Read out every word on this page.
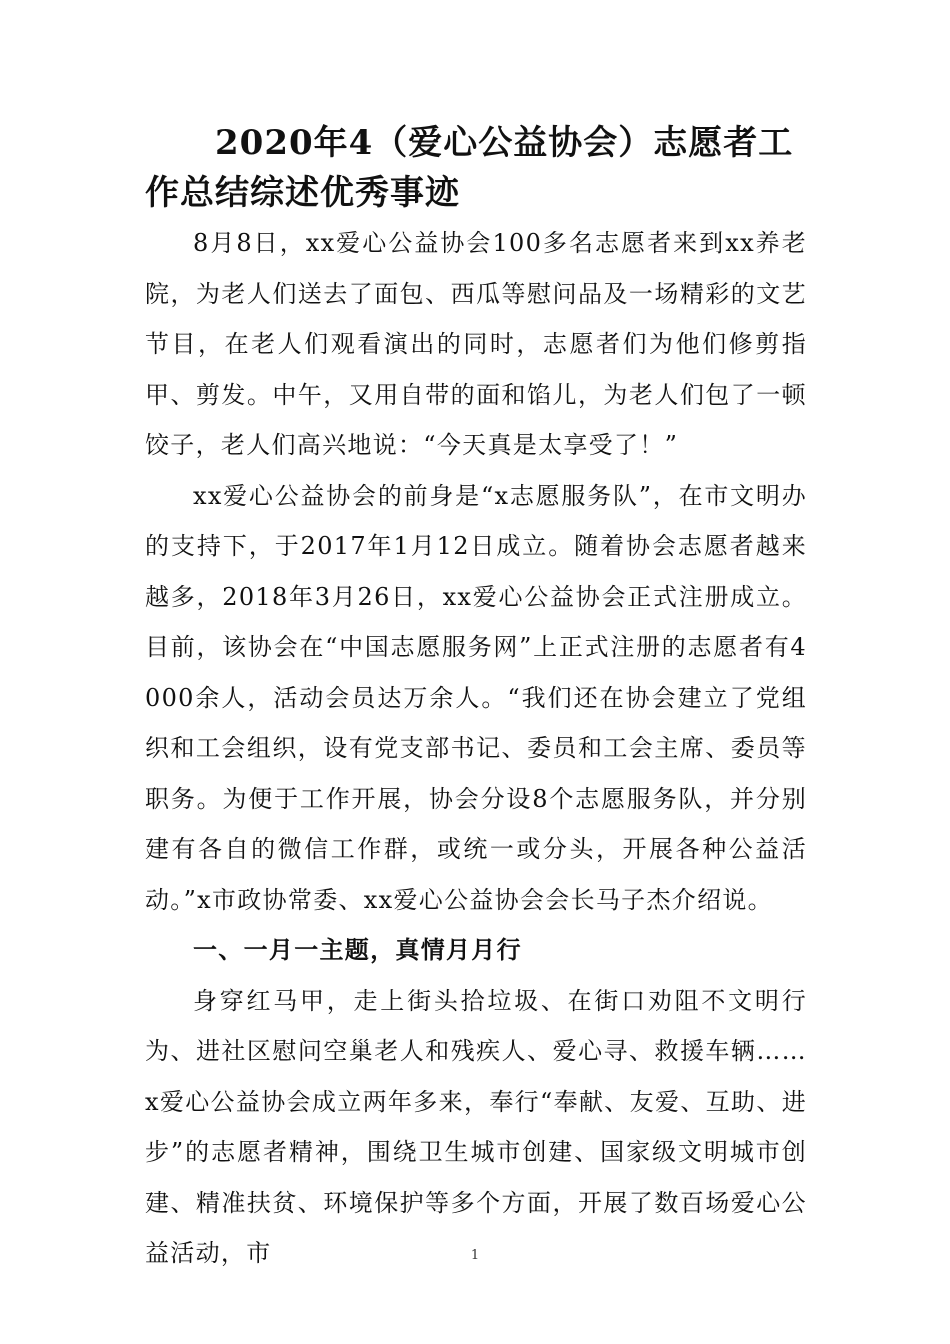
2020年4（爱心公益协会）志愿者工作总结综述优秀事迹

8月8日，xx爱心公益协会100多名志愿者来到xx养老院，为老人们送去了面包、西瓜等慰问品及一场精彩的文艺节目，在老人们观看演出的同时，志愿者们为他们修剪指甲、剪发。中午，又用自带的面和馅儿，为老人们包了一顿饺子，老人们高兴地说：“今天真是太享受了！”

xx爱心公益协会的前身是“x志愿服务队”，在市文明办的支持下，于2017年1月12日成立。随着协会志愿者越来越多，2018年3月26日，xx爱心公益协会正式注册成立。目前，该协会在“中国志愿服务网”上正式注册的志愿者有4000余人，活动会员达万余人。“我们还在协会建立了党组织和工会组织，设有党支部书记、委员和工会主席、委员等职务。为便于工作开展，协会分设8个志愿服务队，并分别建有各自的微信工作群，或统一或分头，开展各种公益活动。”x市政协常委、xx爱心公益协会会长马子杰介绍说。

一、一月一主题，真情月月行

身穿红马甲，走上街头拾垃圾、在街口劝阻不文明行为、进社区慰问空巢老人和残疾人、爱心寻、救援车辆……x爱心公益协会成立两年多来，奉行“奉献、友爱、互助、进步”的志愿者精神，围绕卫生城市创建、国家级文明城市创建、精准扶贫、环境保护等多个方面，开展了数百场爱心公益活动，市	1
